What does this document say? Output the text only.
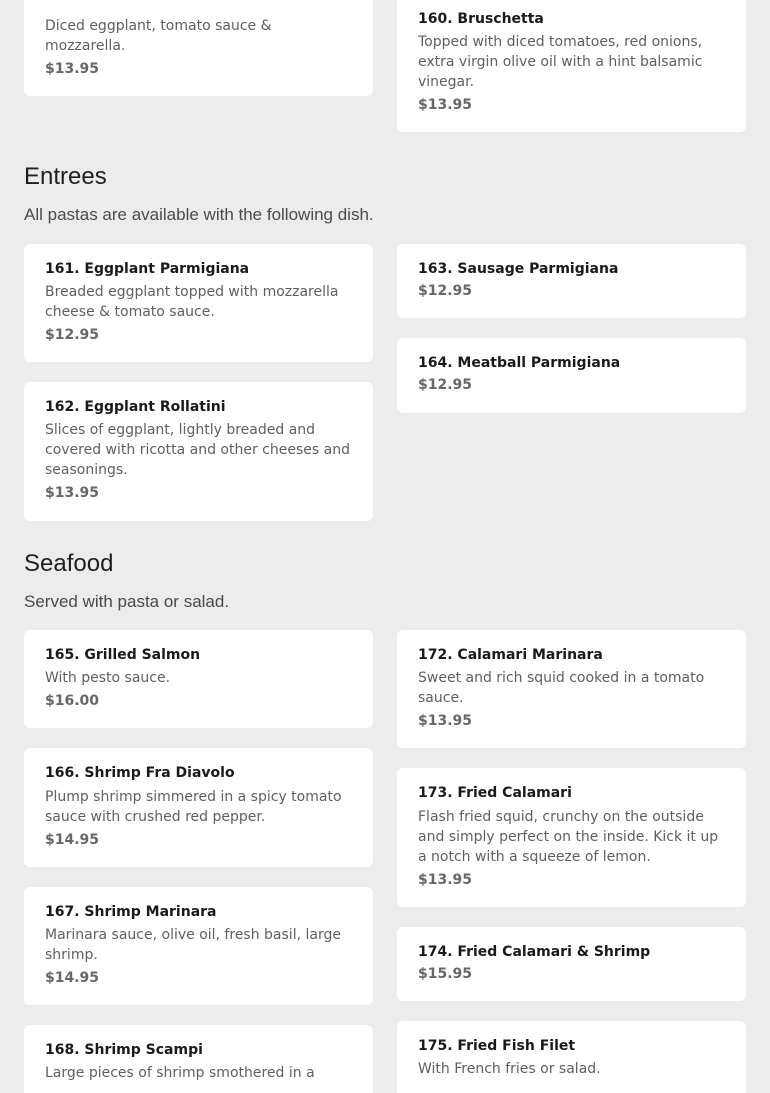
Diced eggplant, tomato sauce & mozzarella.
$13.95
160. Bruschetta
Topped with diced tomatoes, red onions, extra virgin olive oil with a hint balsamic vinegar.
$13.95
Entrees

All pastas are available with the following dish.

161. Eggplant Parmigiana
Breaded eggplant topped with mozzarella cheese & tomato sauce.
$12.95
162. Eggplant Rollatini
Slices of eggplant, lightly breaded and covered with ricotta and other cheeses and seasonings.
$13.95
163. Sausage Parmigiana
$12.95
164. Meatball Parmigiana
$12.95
Seafood

Served with pasta or salad.

165. Grilled Salmon
With pesto sauce.
$16.00
166. Shrimp Fra Diavolo
Plump shrimp simmered in a spicy tomato sauce with crushed red pepper.
$14.95
167. Shrimp Marinara
Marinara sauce, olive oil, fresh basil, large shrimp.
$14.95
168. Shrimp Scampi
Large pieces of shrimp smothered in a
172. Calamari Marinara
Sweet and rich squid cooked in a tomato sauce.
$13.95
173. Fried Calamari
Flash fried squid, crunchy on the outside and simply perfect on the inside. Kick it up a notch with a squeeze of lemon.
$13.95
174. Fried Calamari & Shrimp
$15.95
175. Fried Fish Filet
With French fries or salad.
